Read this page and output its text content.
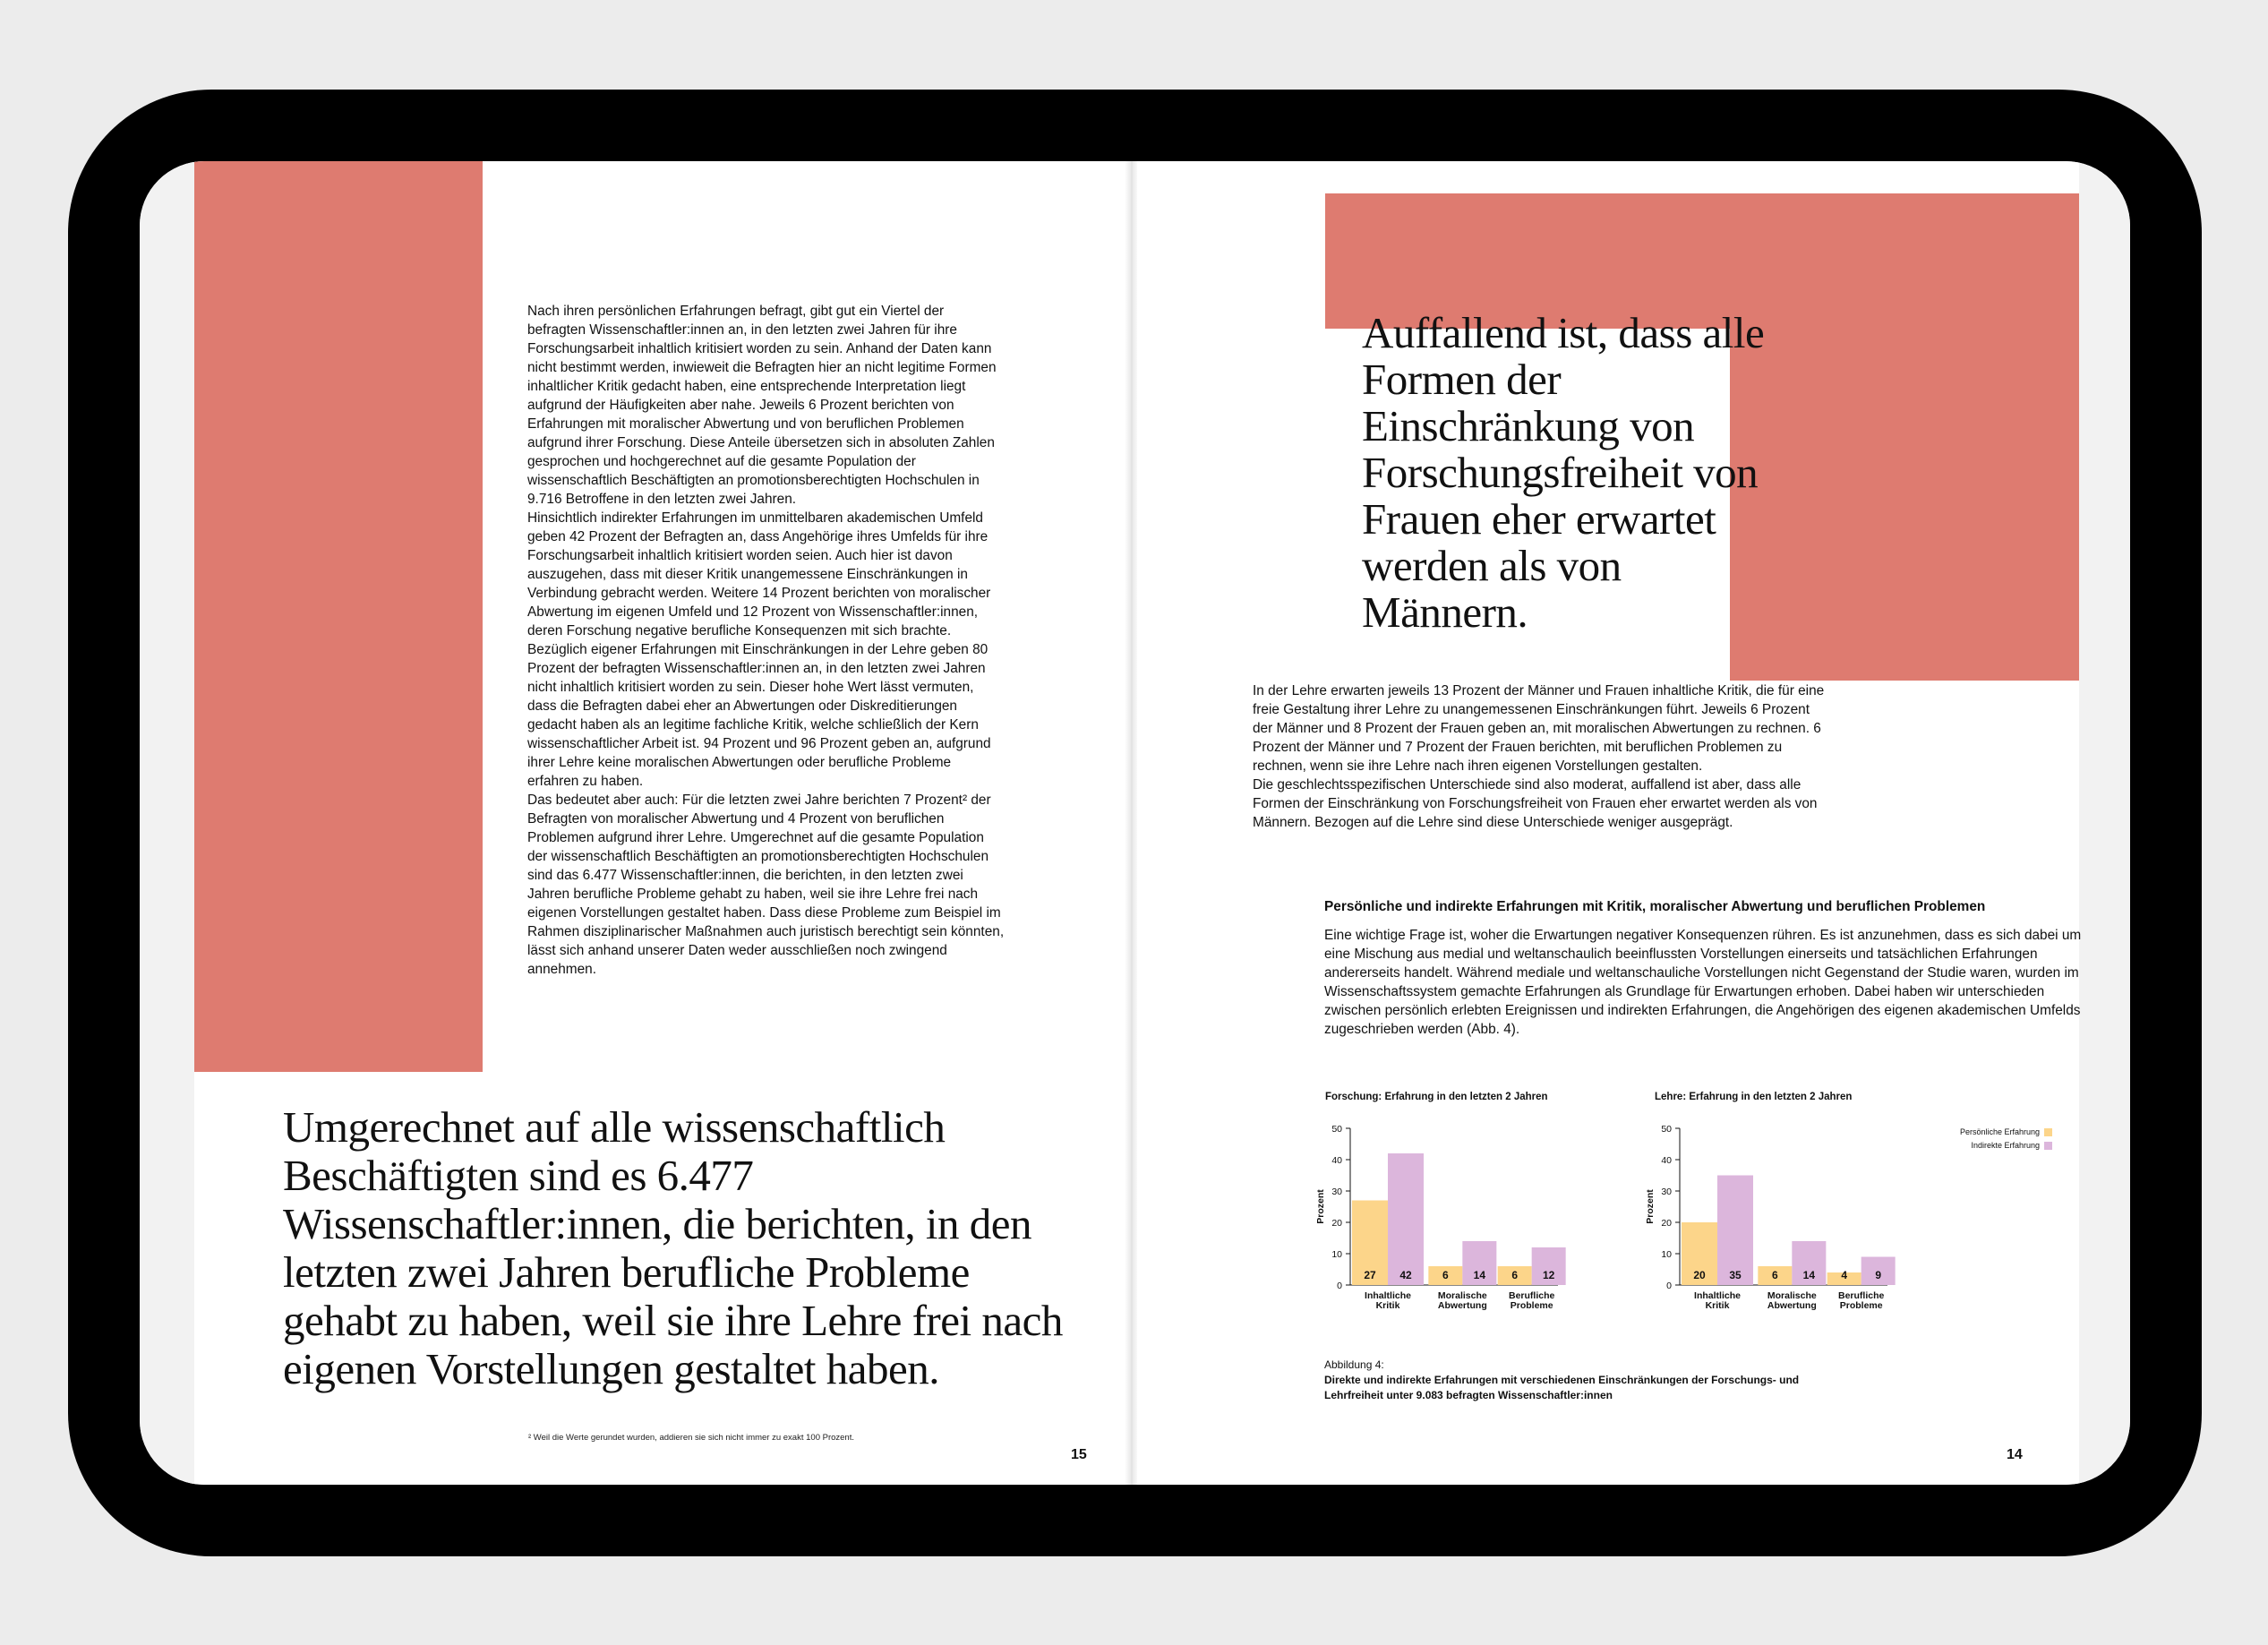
Nach ihren persönlichen Erfahrungen befragt, gibt gut ein Viertel der befragten Wissenschaftler:innen an, in den letzten zwei Jahren für ihre Forschungsarbeit inhaltlich kritisiert worden zu sein. Anhand der Daten kann nicht bestimmt werden, inwieweit die Befragten hier an nicht legitime Formen inhaltlicher Kritik gedacht haben, eine entsprechende Interpretation liegt aufgrund der Häufigkeiten aber nahe. Jeweils 6 Prozent berichten von Erfahrungen mit moralischer Abwertung und von beruflichen Problemen aufgrund ihrer Forschung. Diese Anteile übersetzen sich in absoluten Zahlen gesprochen und hochgerechnet auf die gesamte Population der wissenschaftlich Beschäftigten an promotionsberechtigten Hochschulen in 9.716 Betroffene in den letzten zwei Jahren.

Hinsichtlich indirekter Erfahrungen im unmittelbaren akademischen Umfeld geben 42 Prozent der Befragten an, dass Angehörige ihres Umfelds für ihre Forschungsarbeit inhaltlich kritisiert worden seien. Auch hier ist davon auszugehen, dass mit dieser Kritik unangemessene Einschränkungen in Verbindung gebracht werden. Weitere 14 Prozent berichten von moralischer Abwertung im eigenen Umfeld und 12 Prozent von Wissenschaftler:innen, deren Forschung negative berufliche Konsequenzen mit sich brachte.

Bezüglich eigener Erfahrungen mit Einschränkungen in der Lehre geben 80 Prozent der befragten Wissenschaftler:innen an, in den letzten zwei Jahren nicht inhaltlich kritisiert worden zu sein. Dieser hohe Wert lässt vermuten, dass die Befragten dabei eher an Abwertungen oder Diskreditierungen gedacht haben als an legitime fachliche Kritik, welche schließlich der Kern wissenschaftlicher Arbeit ist. 94 Prozent und 96 Prozent geben an, aufgrund ihrer Lehre keine moralischen Abwertungen oder berufliche Probleme erfahren zu haben.

Das bedeutet aber auch: Für die letzten zwei Jahre berichten 7 Prozent² der Befragten von moralischer Abwertung und 4 Prozent von beruflichen Problemen aufgrund ihrer Lehre. Umgerechnet auf die gesamte Population der wissenschaftlich Beschäftigten an promotionsberechtigten Hochschulen sind das 6.477 Wissenschaftler:innen, die berichten, in den letzten zwei Jahren berufliche Probleme gehabt zu haben, weil sie ihre Lehre frei nach eigenen Vorstellungen gestaltet haben. Dass diese Probleme zum Beispiel im Rahmen disziplinarischer Maßnahmen auch juristisch berechtigt sein könnten, lässt sich anhand unserer Daten weder ausschließen noch zwingend annehmen.

Umgerechnet auf alle wissenschaftlich Beschäftigten sind es 6.477 Wissenschaftler:innen, die berichten, in den letzten zwei Jahren berufliche Probleme gehabt zu haben, weil sie ihre Lehre frei nach eigenen Vorstellungen gestaltet haben.
² Weil die Werte gerundet wurden, addieren sie sich nicht immer zu exakt 100 Prozent.
15
Auffallend ist, dass alle Formen der Einschränkung von Forschungsfreiheit von Frauen eher erwartet werden als von Männern.

In der Lehre erwarten jeweils 13 Prozent der Männer und Frauen inhaltliche Kritik, die für eine freie Gestaltung ihrer Lehre zu unangemessenen Einschränkungen führt. Jeweils 6 Prozent der Männer und 8 Prozent der Frauen geben an, mit moralischen Abwertungen zu rechnen. 6 Prozent der Männer und 7 Prozent der Frauen berichten, mit beruflichen Problemen zu rechnen, wenn sie ihre Lehre nach ihren eigenen Vorstellungen gestalten.

Die geschlechtsspezifischen Unterschiede sind also moderat, auffallend ist aber, dass alle Formen der Einschränkung von Forschungsfreiheit von Frauen eher erwartet werden als von Männern. Bezogen auf die Lehre sind diese Unterschiede weniger ausgeprägt.

Persönliche und indirekte Erfahrungen mit Kritik, moralischer Abwertung und beruflichen Problemen
Eine wichtige Frage ist, woher die Erwartungen negativer Konsequenzen rühren. Es ist anzunehmen, dass es sich dabei um eine Mischung aus medial und weltanschaulich beeinflussten Vorstellungen einerseits und tatsächlichen Erfahrungen andererseits handelt. Während mediale und weltanschauliche Vorstellungen nicht Gegenstand der Studie waren, wurden im Wissenschaftssystem gemachte Erfahrungen als Grundlage für Erwartungen erhoben. Dabei haben wir unterschieden zwischen persönlich erlebten Ereignissen und indirekten Erfahrungen, die Angehörigen des eigenen akademischen Umfelds zugeschrieben werden (Abb. 4).
Forschung: Erfahrung in den letzten 2 Jahren
0
10
20
30
40
50
Prozent
27 42
Inhaltliche
Kritik
6 14
Moralische
Abwertung
6 12
Berufliche
Probleme
Lehre: Erfahrung in den letzten 2 Jahren
0
10
20
30
40
50
Prozent
20 35
Inhaltliche
Kritik
6 14
Moralische
Abwertung
4	9
Berufliche
Probleme
Persönliche Erfahrung
Indirekte Erfahrung
Abbildung 4:
Direkte und indirekte Erfahrungen mit verschiedenen Einschränkungen der Forschungs- und Lehrfreiheit unter 9.083 befragten Wissenschaftler:innen
14
